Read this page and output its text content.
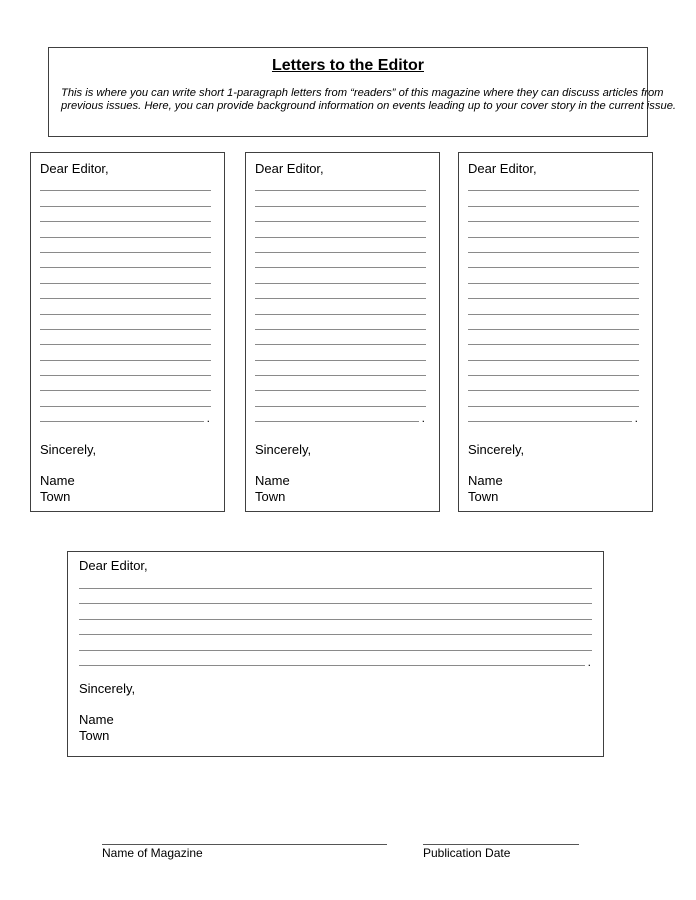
Letters to the Editor
This is where you can write short 1-paragraph letters from “readers” of this magazine where they can discuss articles from
previous issues. Here, you can provide background information on events leading up to your cover story in the current issue.
Dear Editor,
.
Sincerely,
Name
Town
Dear Editor,
.
Sincerely,
Name
Town
Dear Editor,
.
Sincerely,
Name
Town
Dear Editor,
.
Sincerely,
Name
Town
Name of Magazine	Publication Date
